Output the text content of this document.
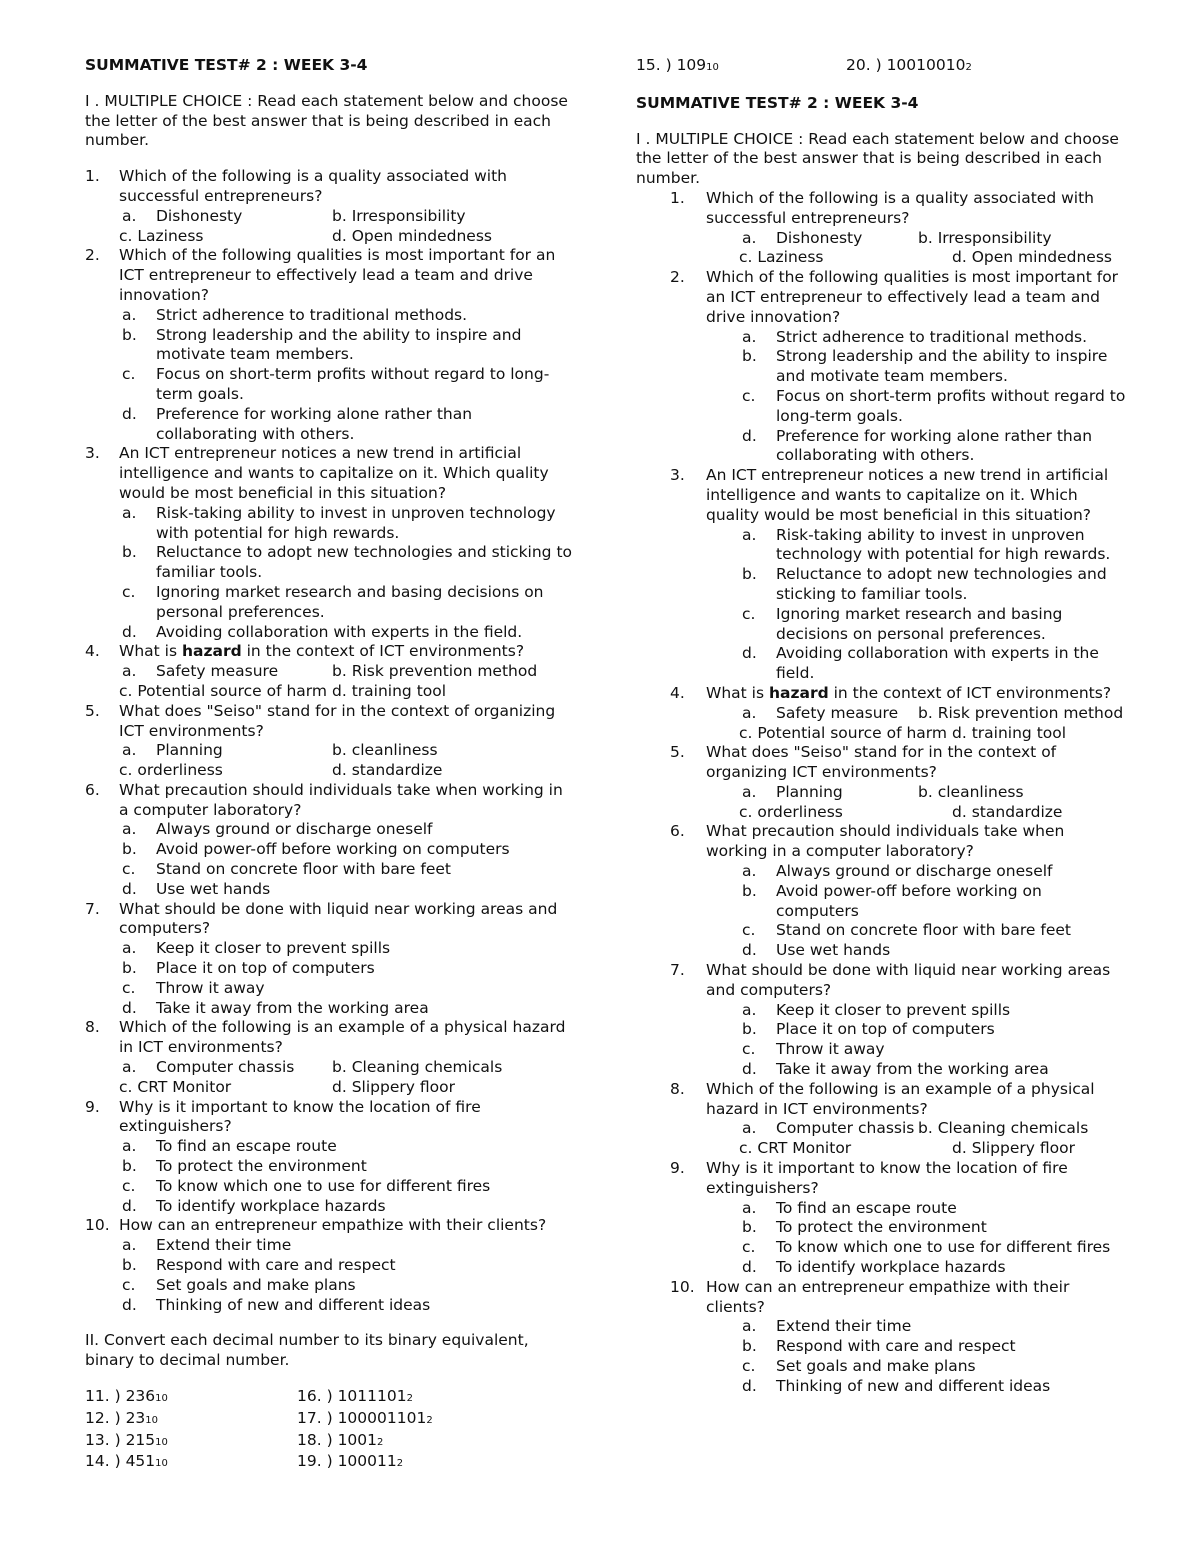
SUMMATIVE TEST# 2 : WEEK 3-4

I . MULTIPLE CHOICE : Read each statement below and choose the letter of the best answer that is being described in each number.

1. Which of the following is a quality associated with successful entrepreneurs?
a. Dishonesty	b. Irresponsibility
c. Laziness	d. Open mindedness
2. Which of the following qualities is most important for an ICT entrepreneur to effectively lead a team and drive innovation?
a. Strict adherence to traditional methods.
b. Strong leadership and the ability to inspire and motivate team members.
c. Focus on short-term profits without regard to long-term goals.
d. Preference for working alone rather than collaborating with others.
3. An ICT entrepreneur notices a new trend in artificial intelligence and wants to capitalize on it. Which quality would be most beneficial in this situation?
a. Risk-taking ability to invest in unproven technology with potential for high rewards.
b. Reluctance to adopt new technologies and sticking to familiar tools.
c. Ignoring market research and basing decisions on personal preferences.
d. Avoiding collaboration with experts in the field.
4. What is hazard in the context of ICT environments?
a. Safety measure	b. Risk prevention method
c. Potential source of harm d. training tool
5. What does "Seiso" stand for in the context of organizing ICT environments?
a. Planning	b. cleanliness
c. orderliness	d. standardize
6. What precaution should individuals take when working in a computer laboratory?
a. Always ground or discharge oneself
b. Avoid power-off before working on computers
c. Stand on concrete floor with bare feet
d. Use wet hands
7. What should be done with liquid near working areas and computers?
a. Keep it closer to prevent spills
b. Place it on top of computers
c. Throw it away
d. Take it away from the working area
8. Which of the following is an example of a physical hazard in ICT environments?
a. Computer chassis	b. Cleaning chemicals
c. CRT Monitor	d. Slippery floor
9. Why is it important to know the location of fire extinguishers?
a. To find an escape route
b. To protect the environment
c. To know which one to use for different fires
d. To identify workplace hazards
10. How can an entrepreneur empathize with their clients?
a. Extend their time
b. Respond with care and respect
c. Set goals and make plans
d. Thinking of new and different ideas

II. Convert each decimal number to its binary equivalent, binary to decimal number.

11. ) 23610	16. ) 10111012
12. ) 2310	17. ) 1000011012
13. ) 21510	18. ) 10012
14. ) 45110	19. ) 1000112
15. ) 10910	20. ) 100100102

SUMMATIVE TEST# 2 : WEEK 3-4

I . MULTIPLE CHOICE : Read each statement below and choose the letter of the best answer that is being described in each number.

1. Which of the following is a quality associated with successful entrepreneurs?
a. Dishonesty	b. Irresponsibility
c. Laziness	d. Open mindedness
2. Which of the following qualities is most important for an ICT entrepreneur to effectively lead a team and drive innovation?
a. Strict adherence to traditional methods.
b. Strong leadership and the ability to inspire and motivate team members.
c. Focus on short-term profits without regard to long-term goals.
d. Preference for working alone rather than collaborating with others.
3. An ICT entrepreneur notices a new trend in artificial intelligence and wants to capitalize on it. Which quality would be most beneficial in this situation?
a. Risk-taking ability to invest in unproven technology with potential for high rewards.
b. Reluctance to adopt new technologies and sticking to familiar tools.
c. Ignoring market research and basing decisions on personal preferences.
d. Avoiding collaboration with experts in the field.
4. What is hazard in the context of ICT environments?
a. Safety measure	b. Risk prevention method
c. Potential source of harm d. training tool
5. What does "Seiso" stand for in the context of organizing ICT environments?
a. Planning	b. cleanliness
c. orderliness	d. standardize
6. What precaution should individuals take when working in a computer laboratory?
a. Always ground or discharge oneself
b. Avoid power-off before working on computers
c. Stand on concrete floor with bare feet
d. Use wet hands
7. What should be done with liquid near working areas and computers?
a. Keep it closer to prevent spills
b. Place it on top of computers
c. Throw it away
d. Take it away from the working area
8. Which of the following is an example of a physical hazard in ICT environments?
a. Computer chassis b. Cleaning chemicals
c. CRT Monitor	d. Slippery floor
9. Why is it important to know the location of fire extinguishers?
a. To find an escape route
b. To protect the environment
c. To know which one to use for different fires
d. To identify workplace hazards
10. How can an entrepreneur empathize with their clients?
a. Extend their time
b. Respond with care and respect
c. Set goals and make plans
d. Thinking of new and different ideas
